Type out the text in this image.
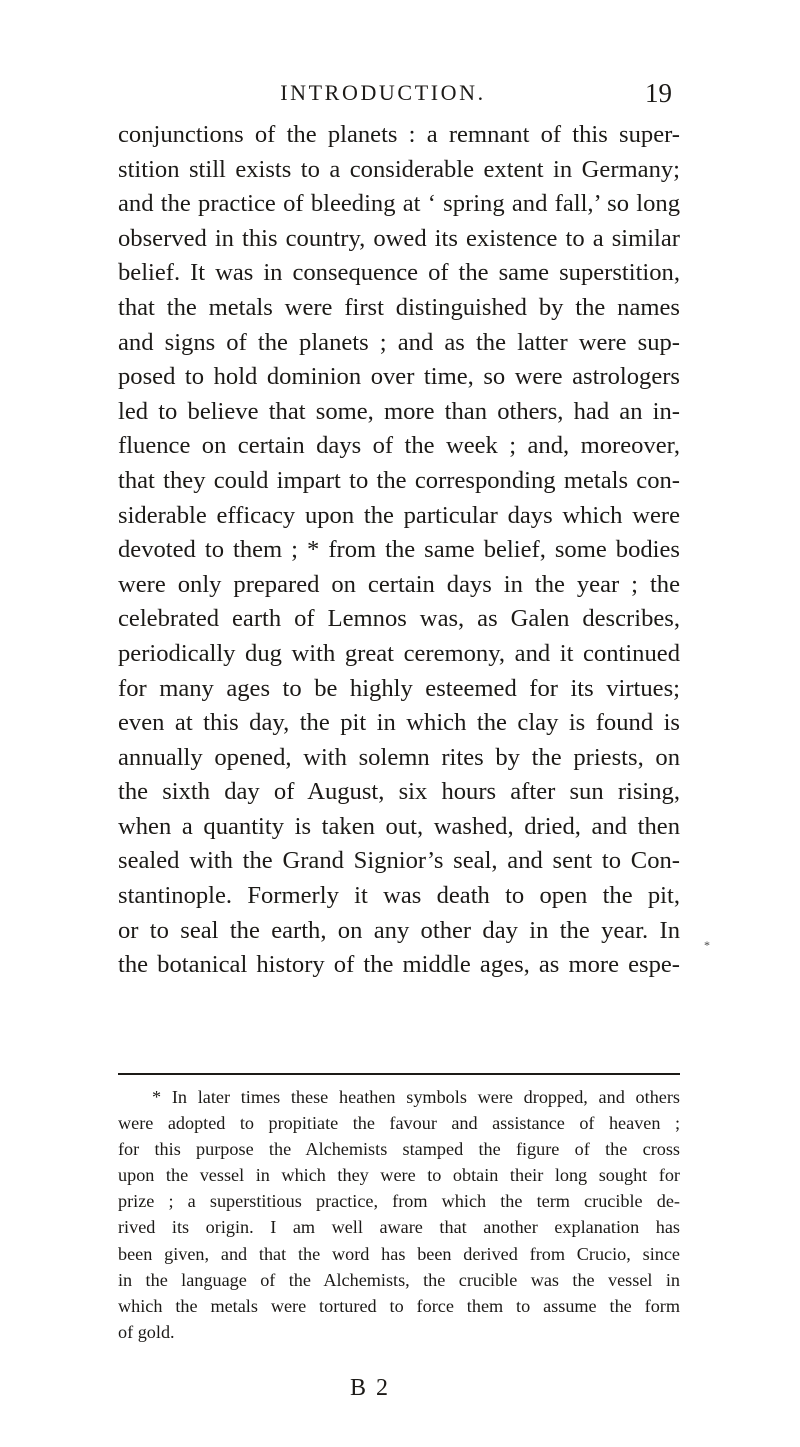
INTRODUCTION.	19
conjunctions of the planets : a remnant of this super-
stition still exists to a considerable extent in Germany;
and the practice of bleeding at ‘ spring and fall,’ so long
observed in this country, owed its existence to a similar
belief. It was in consequence of the same superstition,
that the metals were first distinguished by the names
and signs of the planets ; and as the latter were sup-
posed to hold dominion over time, so were astrologers
led to believe that some, more than others, had an in-
fluence on certain days of the week ; and, moreover,
that they could impart to the corresponding metals con-
siderable efficacy upon the particular days which were
devoted to them ; * from the same belief, some bodies
were only prepared on certain days in the year ; the
celebrated earth of Lemnos was, as Galen describes,
periodically dug with great ceremony, and it continued
for many ages to be highly esteemed for its virtues;
even at this day, the pit in which the clay is found is
annually opened, with solemn rites by the priests, on
the sixth day of August, six hours after sun rising,
when a quantity is taken out, washed, dried, and then
sealed with the Grand Signior’s seal, and sent to Con-
stantinople. Formerly it was death to open the pit,
or to seal the earth, on any other day in the year. In
the botanical history of the middle ages, as more espe-
* In later times these heathen symbols were dropped, and others
were adopted to propitiate the favour and assistance of heaven ;
for this purpose the Alchemists stamped the figure of the cross
upon the vessel in which they were to obtain their long sought for
prize ; a superstitious practice, from which the term crucible de-
rived its origin. I am well aware that another explanation has
been given, and that the word has been derived from Crucio, since
in the language of the Alchemists, the crucible was the vessel in
which the metals were tortured to force them to assume the form
of gold.
B 2
*
